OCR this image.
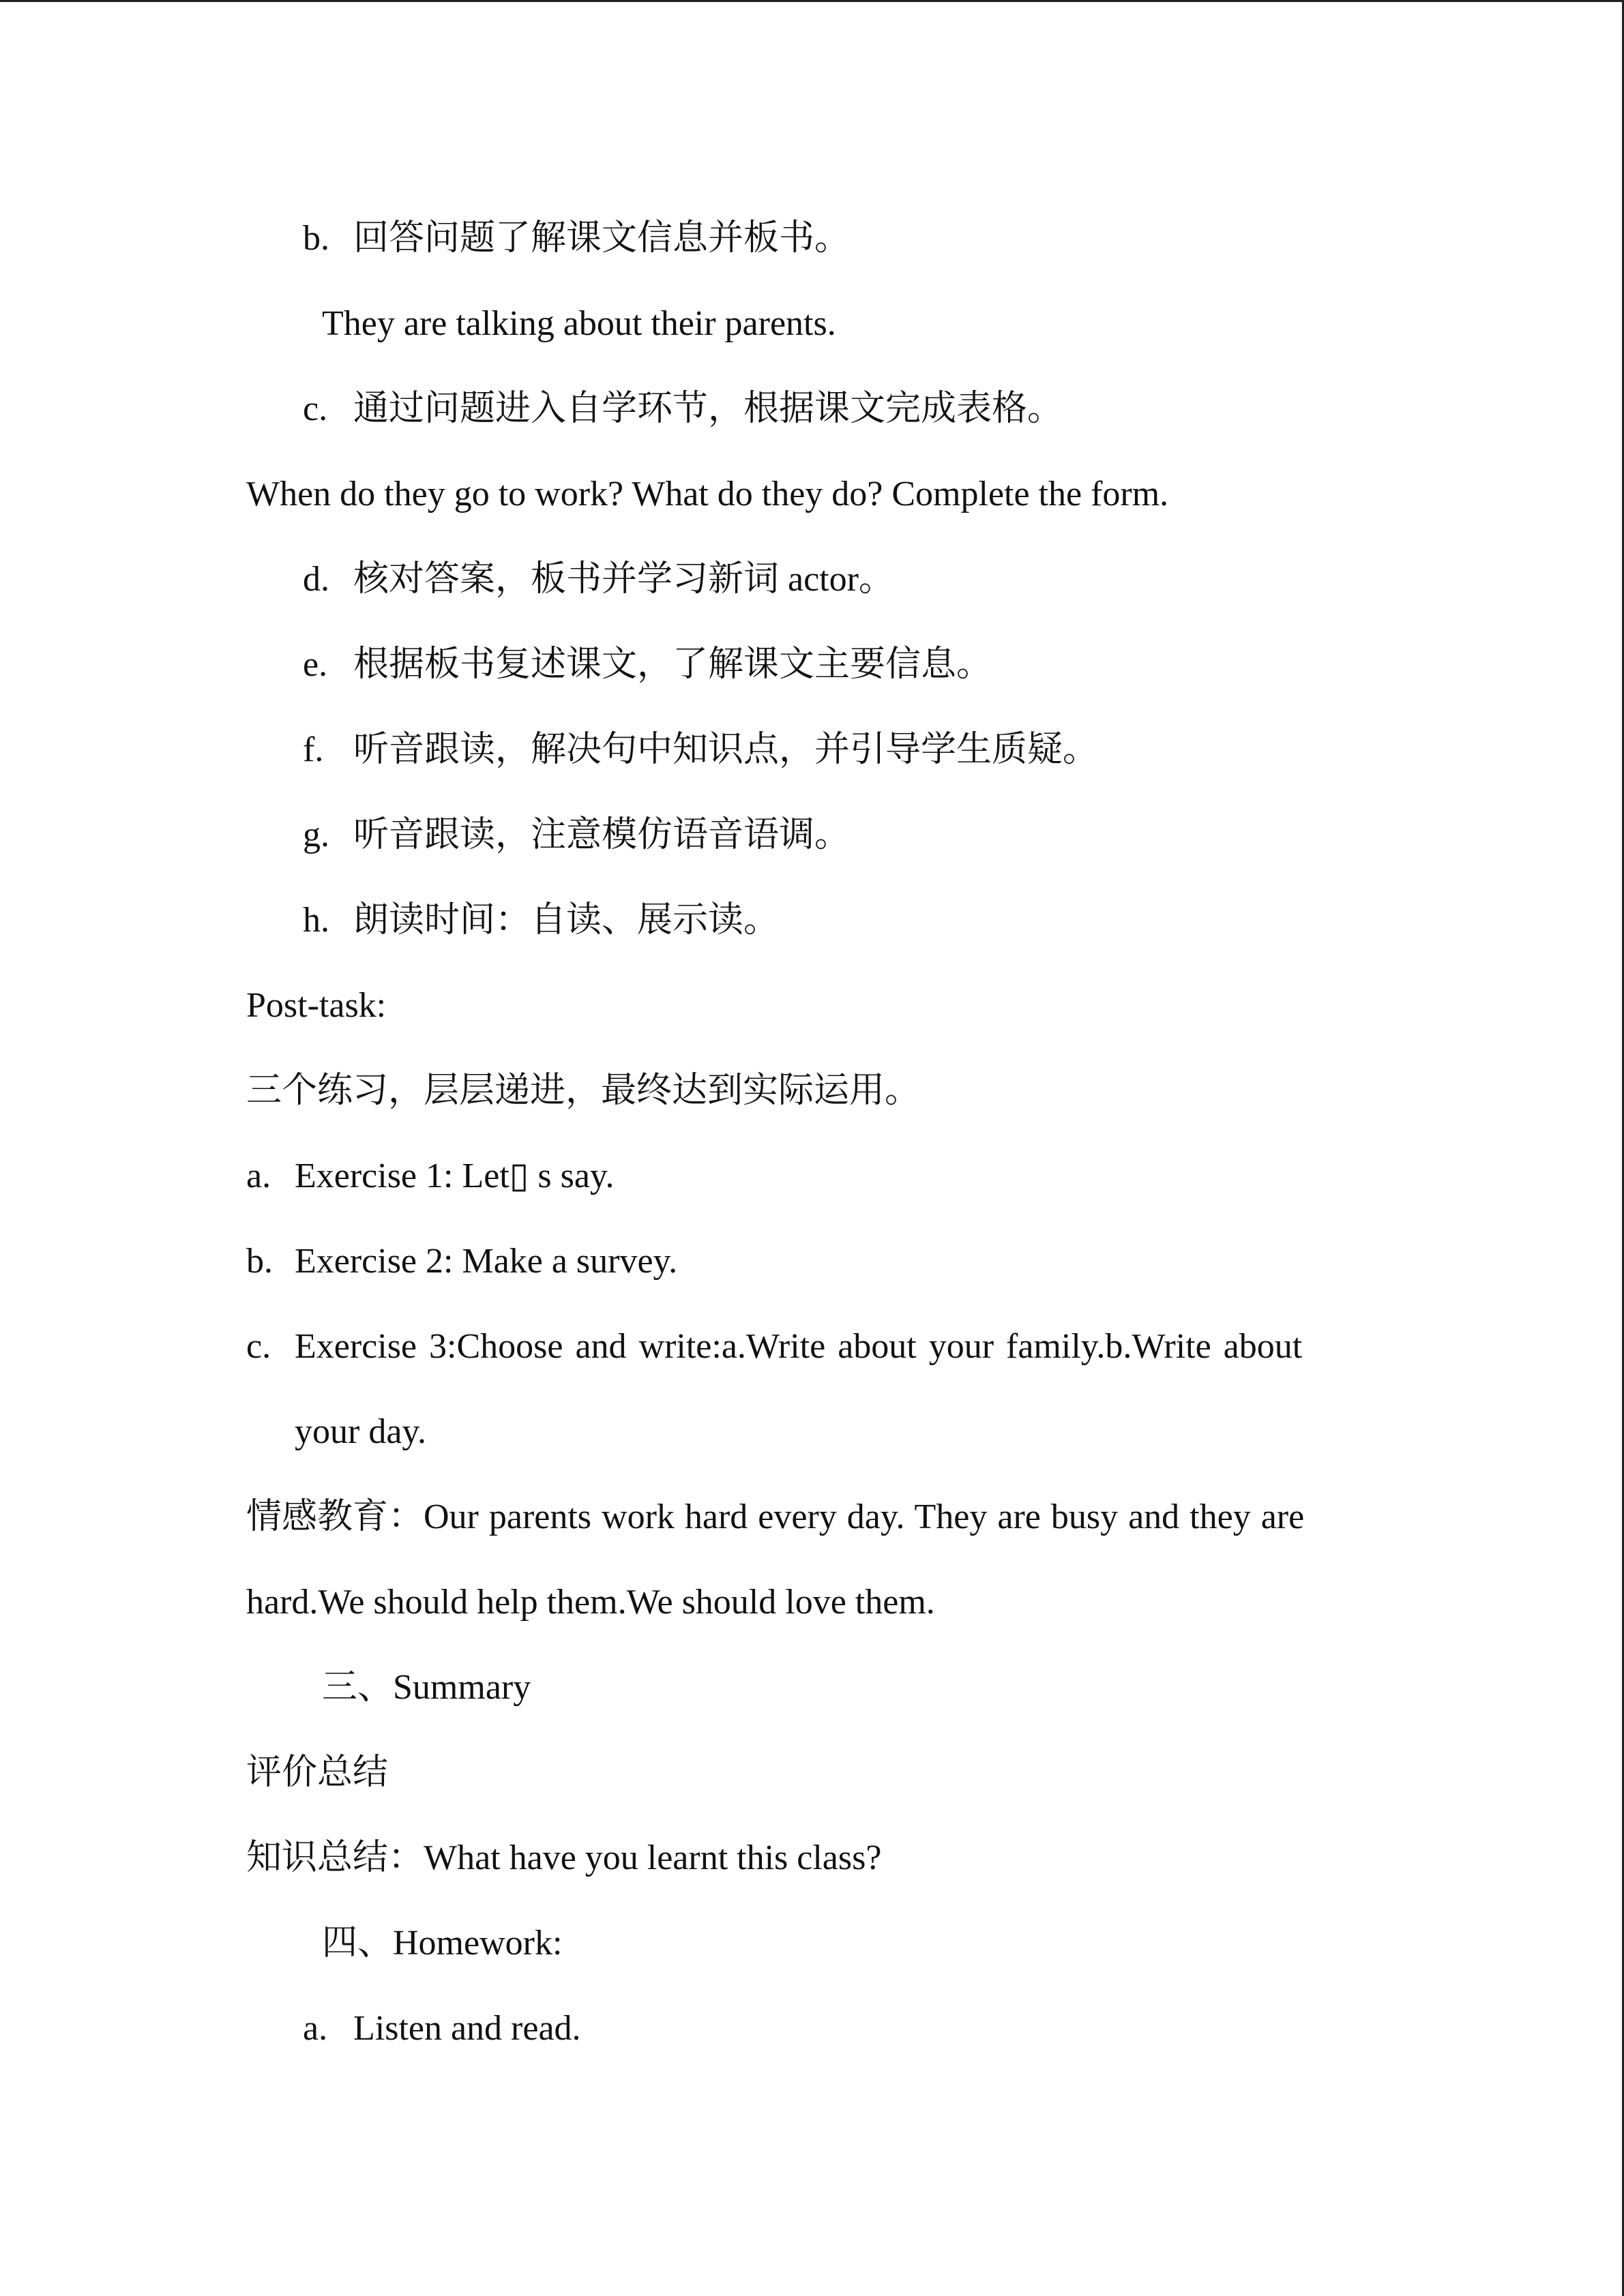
b. 回答问题了解课文信息并板书。
They are talking about their parents.
c. 通过问题进入自学环节，根据课文完成表格。
When do they go to work? What do they do? Complete the form.
d. 核对答案，板书并学习新词 actor。
e. 根据板书复述课文，了解课文主要信息。
f. 听音跟读，解决句中知识点，并引导学生质疑。
g. 听音跟读，注意模仿语音语调。
h. 朗读时间：自读、展示读。
Post-task:
三个练习，层层递进，最终达到实际运用。
a. Exercise 1: Let▯ s say.
b. Exercise 2: Make a survey.
c. Exercise 3:Choose and write:a.Write about your family.b.Write about
your day.
情感教育：Our parents work hard every day. They are busy and they are
hard.We should help them.We should love them.
三、Summary
评价总结
知识总结：What have you learnt this class?
四、Homework:
a. Listen and read.
